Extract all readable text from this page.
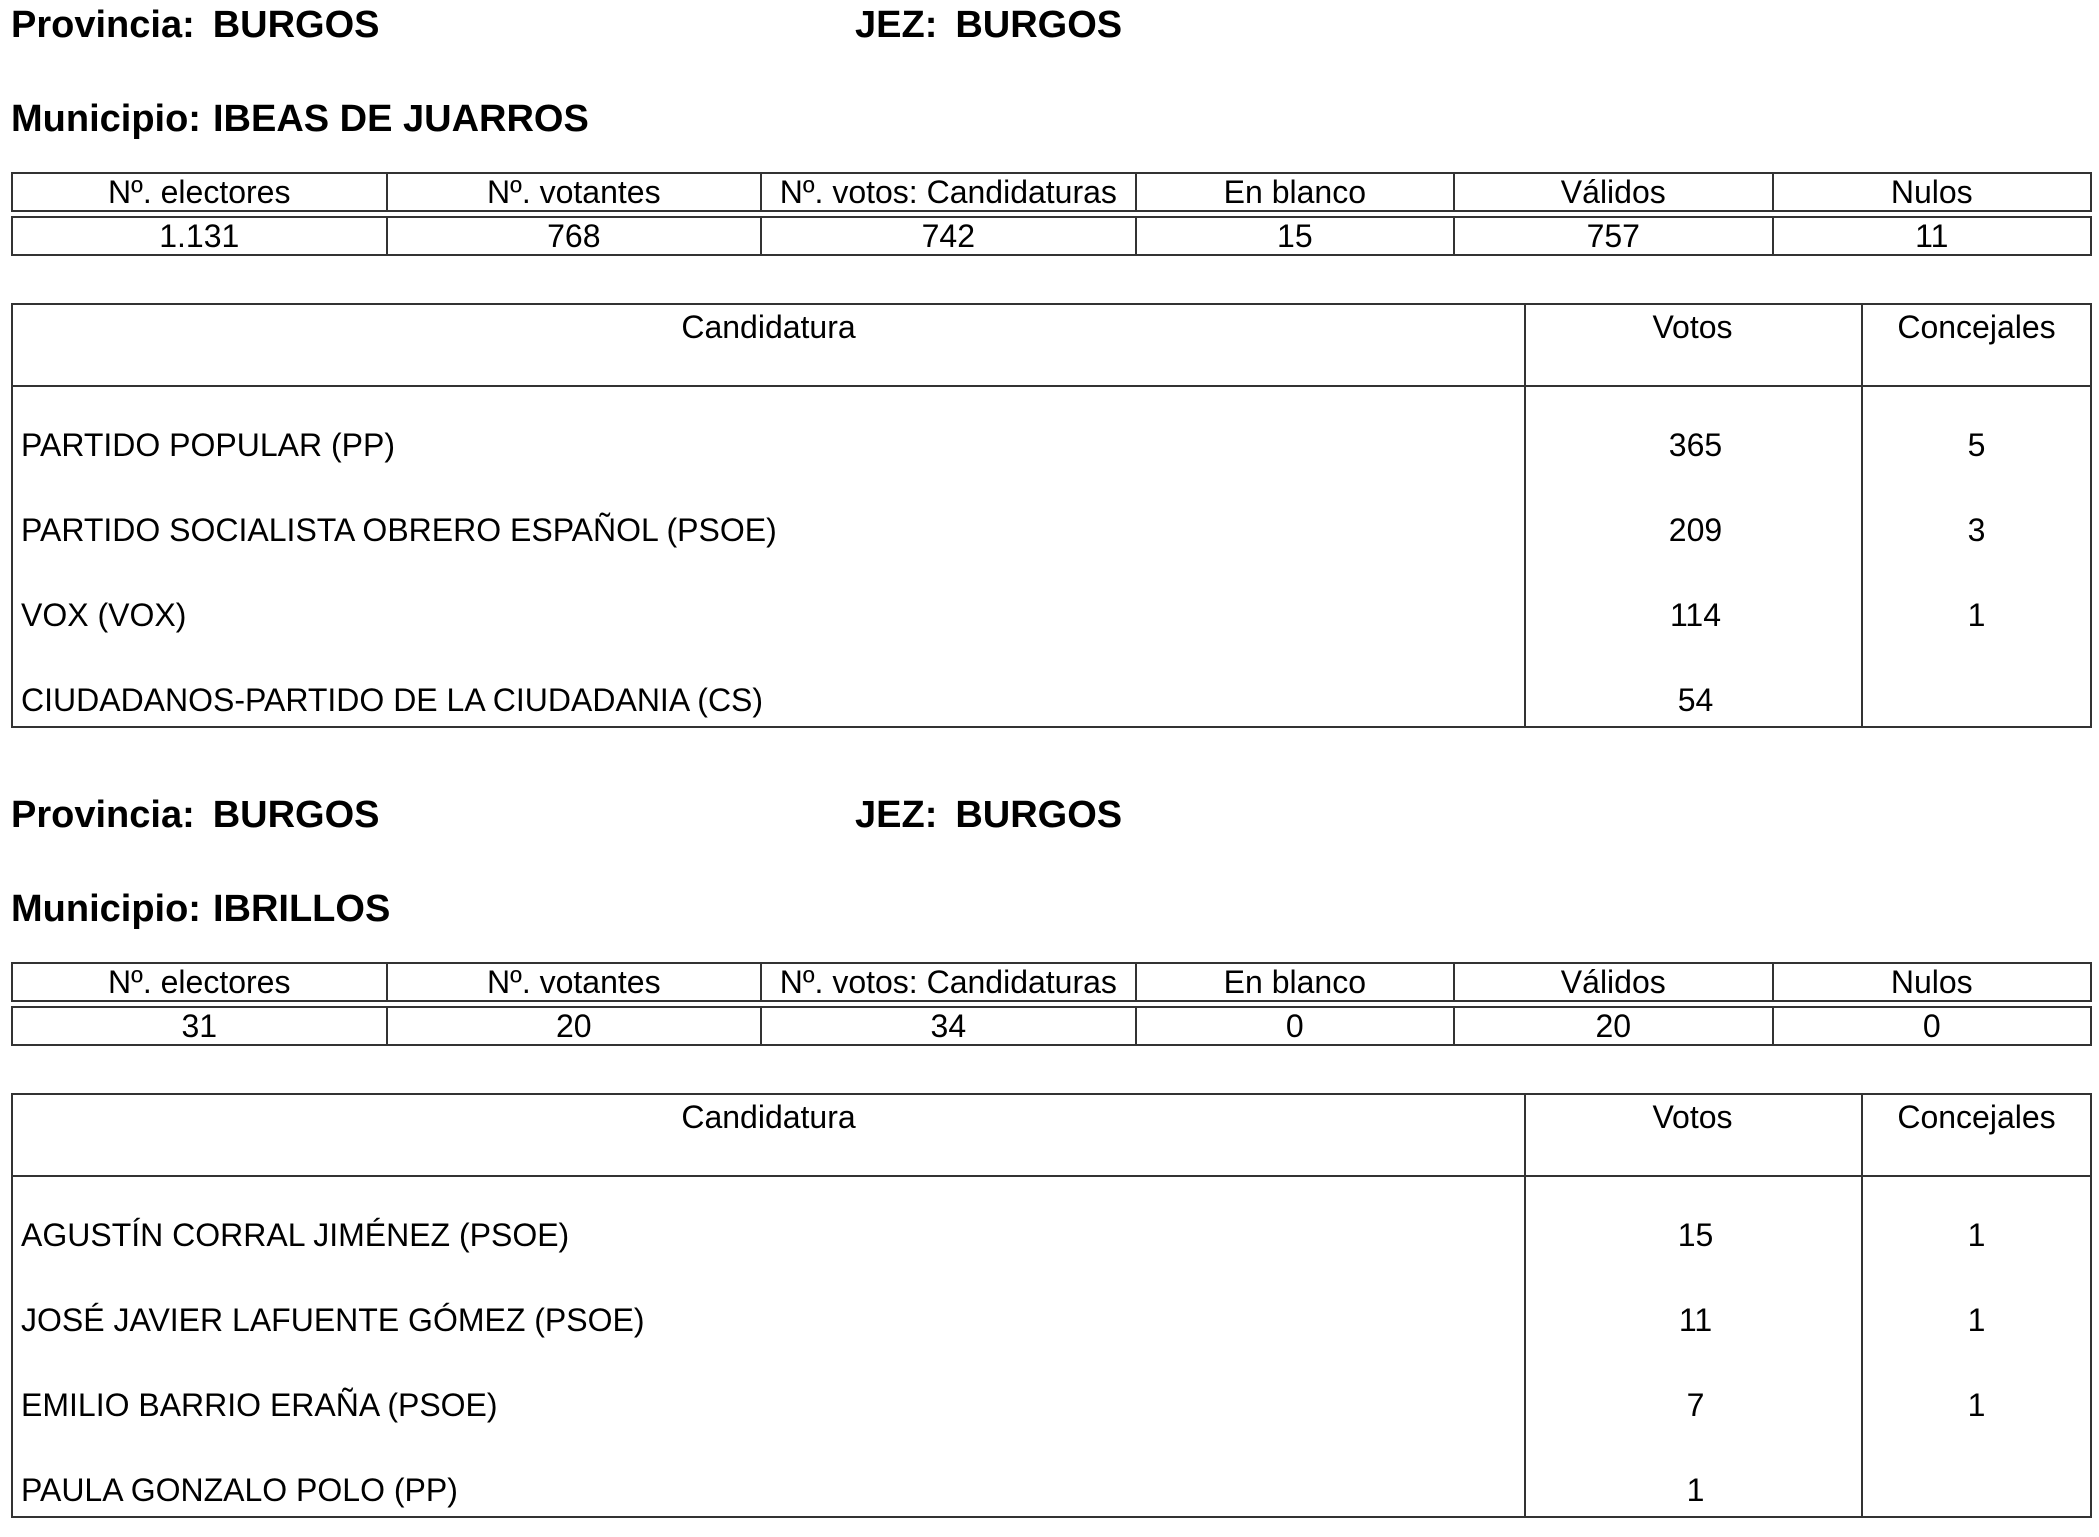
Provincia: BURGOS	JEZ: BURGOS
Municipio: IBEAS DE JUARROS
Nº. electores	Nº. votantes	Nº. votos: Candidaturas	En blanco	Válidos	Nulos
1.131	768	742	15	757	11
Candidatura	Votos	Concejales
PARTIDO POPULAR (PP)	365	5
PARTIDO SOCIALISTA OBRERO ESPAÑOL (PSOE)	209	3
VOX (VOX)	114	1
CIUDADANOS-PARTIDO DE LA CIUDADANIA (CS)	54
Provincia: BURGOS	JEZ: BURGOS
Municipio: IBRILLOS
Nº. electores	Nº. votantes	Nº. votos: Candidaturas	En blanco	Válidos	Nulos
31	20	34	0	20	0
Candidatura	Votos	Concejales
AGUSTÍN CORRAL JIMÉNEZ (PSOE)	15	1
JOSÉ JAVIER LAFUENTE GÓMEZ (PSOE)	11	1
EMILIO BARRIO ERAÑA (PSOE)	7	1
PAULA GONZALO POLO (PP)	1
